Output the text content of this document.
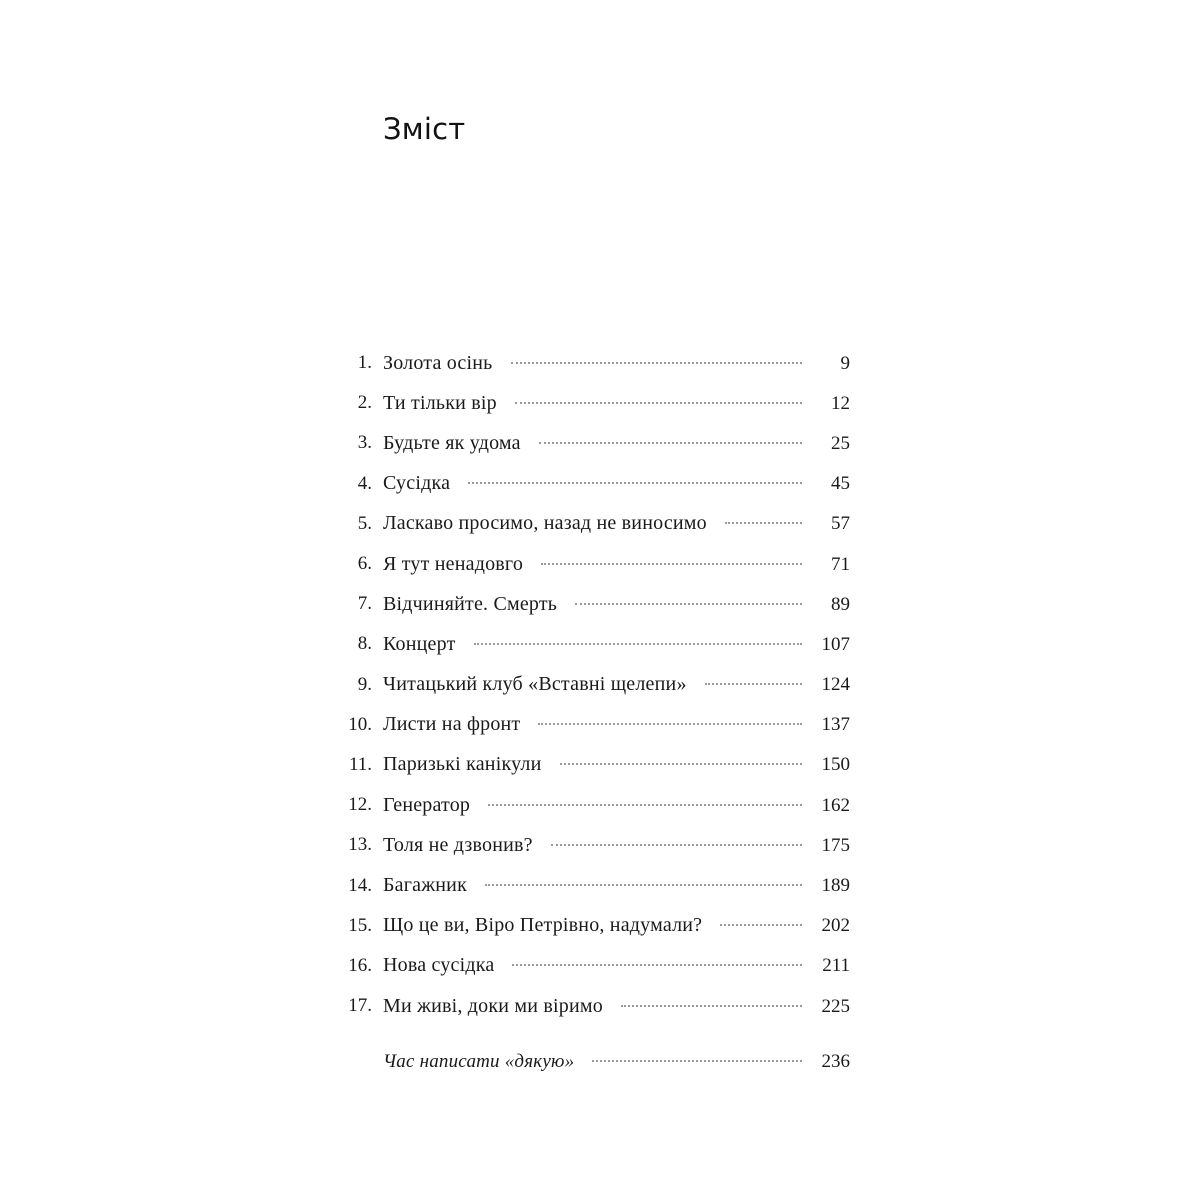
Зміст
1. Золота осінь	9
2. Ти тільки вір	12
3. Будьте як удома	25
4. Сусідка	45
5. Ласкаво просимо, назад не виносимо	57
6. Я тут ненадовго	71
7. Відчиняйте. Смерть	89
8. Концерт	107
9. Читацький клуб «Вставні щелепи»	124
10. Листи на фронт	137
11. Паризькі канікули	150
12. Генератор	162
13. Толя не дзвонив?	175
14. Багажник	189
15. Що це ви, Віро Петрівно, надумали?	202
16. Нова сусідка	211
17. Ми живі, доки ми віримо	225
Час написати «дякую»	236
